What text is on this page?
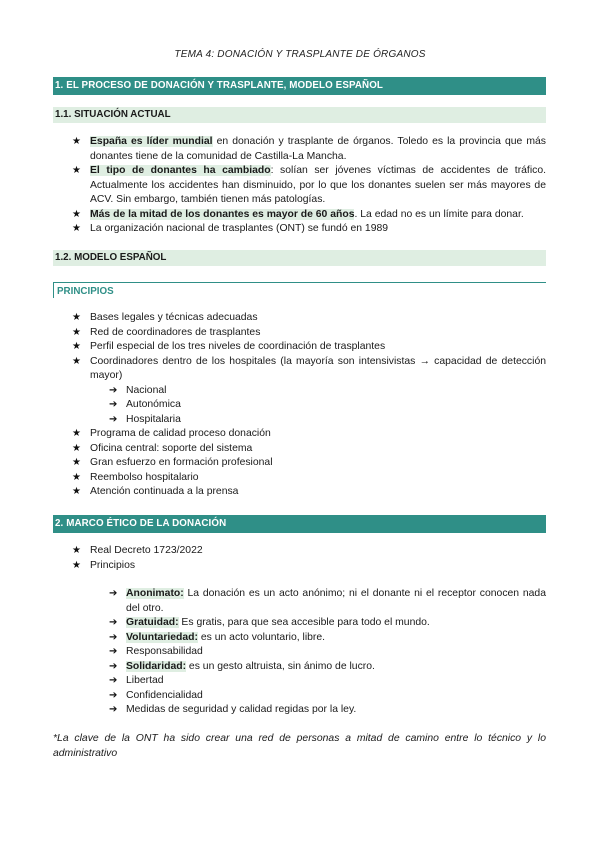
TEMA 4: DONACIÓN Y TRASPLANTE DE ÓRGANOS
1. EL PROCESO DE DONACIÓN Y TRASPLANTE, MODELO ESPAÑOL
1.1. SITUACIÓN ACTUAL
★ España es líder mundial en donación y trasplante de órganos. Toledo es la provincia que más donantes tiene de la comunidad de Castilla-La Mancha.
★ El tipo de donantes ha cambiado: solían ser jóvenes víctimas de accidentes de tráfico. Actualmente los accidentes han disminuido, por lo que los donantes suelen ser más mayores de ACV. Sin embargo, también tienen más patologías.
★ Más de la mitad de los donantes es mayor de 60 años. La edad no es un límite para donar.
★ La organización nacional de trasplantes (ONT) se fundó en 1989
1.2. MODELO ESPAÑOL
PRINCIPIOS
★ Bases legales y técnicas adecuadas
★ Red de coordinadores de trasplantes
★ Perfil especial de los tres niveles de coordinación de trasplantes
★ Coordinadores dentro de los hospitales (la mayoría son intensivistas → capacidad de detección mayor)
➔ Nacional
➔ Autonómica
➔ Hospitalaria
★ Programa de calidad proceso donación
★ Oficina central: soporte del sistema
★ Gran esfuerzo en formación profesional
★ Reembolso hospitalario
★ Atención continuada a la prensa
2. MARCO ÉTICO DE LA DONACIÓN
★ Real Decreto 1723/2022
★ Principios
➔ Anonimato: La donación es un acto anónimo; ni el donante ni el receptor conocen nada del otro.
➔ Gratuidad: Es gratis, para que sea accesible para todo el mundo.
➔ Voluntariedad: es un acto voluntario, libre.
➔ Responsabilidad
➔ Solidaridad: es un gesto altruista, sin ánimo de lucro.
➔ Libertad
➔ Confidencialidad
➔ Medidas de seguridad y calidad regidas por la ley.
*La clave de la ONT ha sido crear una red de personas a mitad de camino entre lo técnico y lo administrativo
